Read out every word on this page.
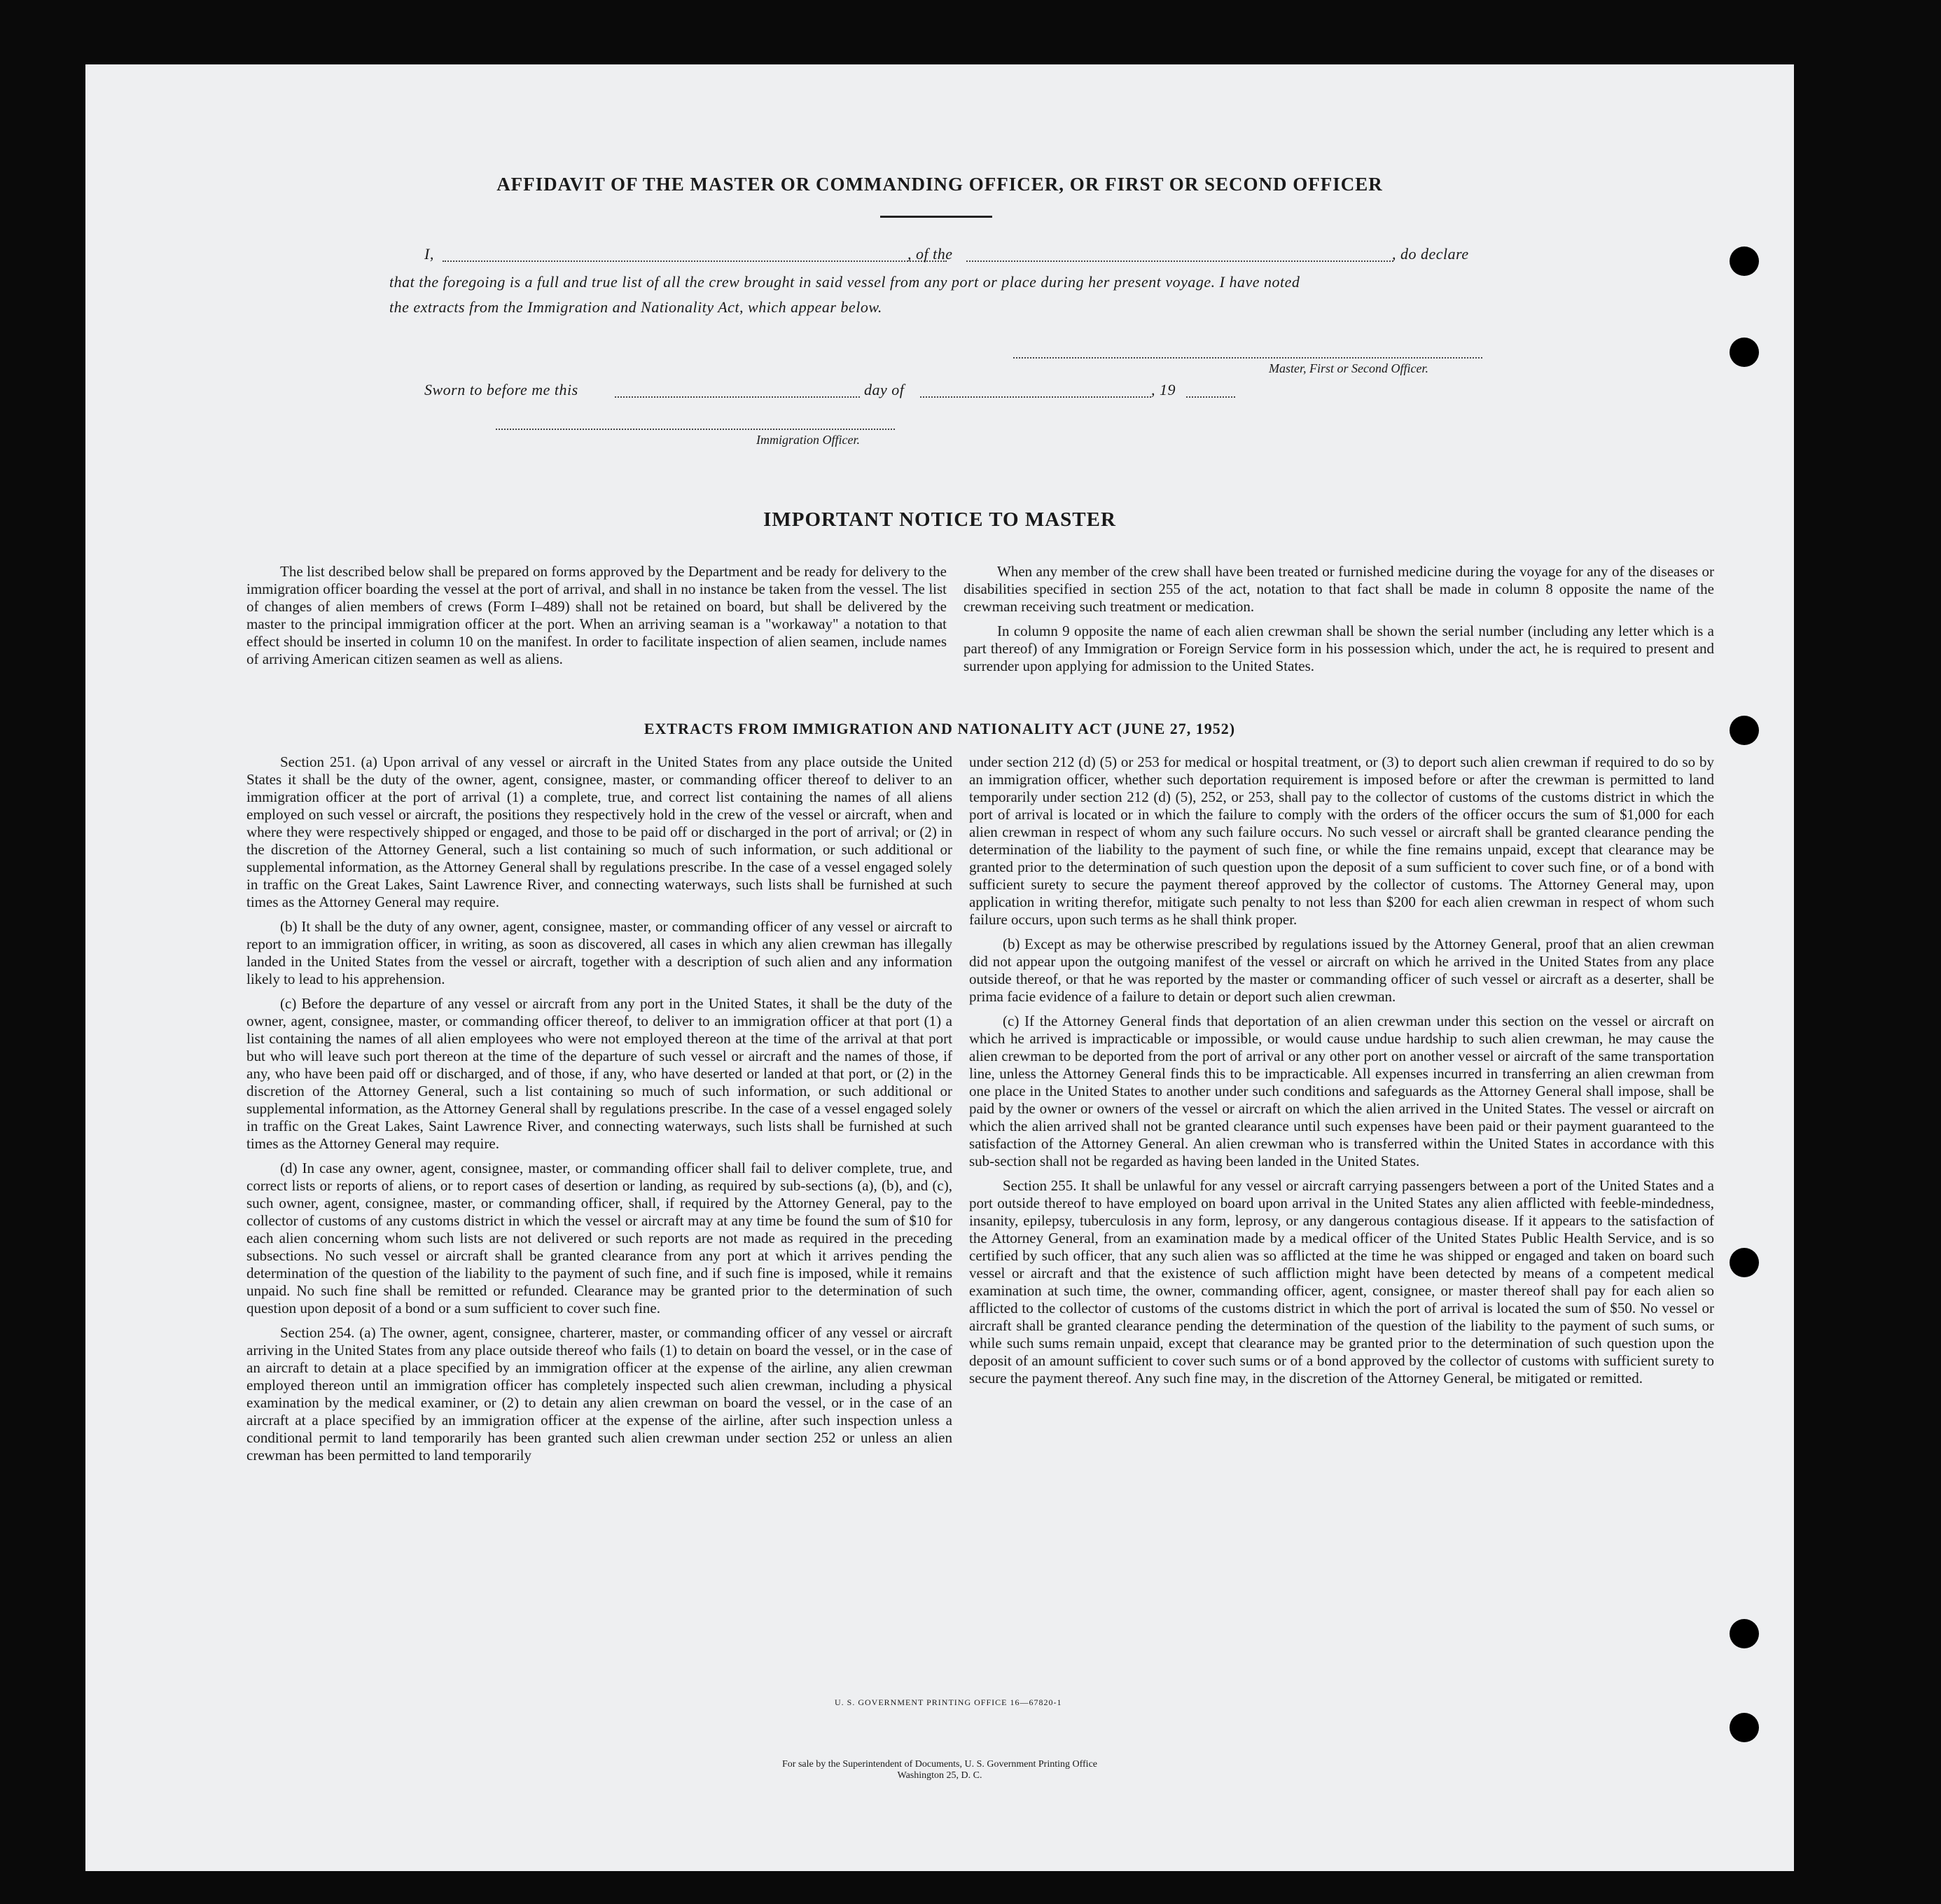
AFFIDAVIT OF THE MASTER OR COMMANDING OFFICER, OR FIRST OR SECOND OFFICER
I,	, of the	, do declare
that the foregoing is a full and true list of all the crew brought in said vessel from any port or place during her present voyage. I have noted
the extracts from the Immigration and Nationality Act, which appear below.
Master, First or Second Officer.
Sworn to before me this	day of	, 19
Immigration Officer.
IMPORTANT NOTICE TO MASTER

The list described below shall be prepared on forms approved by the Department and be ready for delivery to the immigration officer boarding the vessel at the port of arrival, and shall in no instance be taken from the vessel. The list of changes of alien members of crews (Form I–489) shall not be retained on board, but shall be delivered by the master to the principal immigration officer at the port. When an arriving seaman is a "workaway" a notation to that effect should be inserted in column 10 on the manifest. In order to facilitate inspection of alien seamen, include names of arriving American citizen seamen as well as aliens.

When any member of the crew shall have been treated or furnished medicine during the voyage for any of the diseases or disabilities specified in section 255 of the act, notation to that fact shall be made in column 8 opposite the name of the crewman receiving such treatment or medication.

In column 9 opposite the name of each alien crewman shall be shown the serial number (including any letter which is a part thereof) of any Immigration or Foreign Service form in his possession which, under the act, he is required to present and surrender upon applying for admission to the United States.

EXTRACTS FROM IMMIGRATION AND NATIONALITY ACT (JUNE 27, 1952)

Section 251. (a) Upon arrival of any vessel or aircraft in the United States from any place outside the United States it shall be the duty of the owner, agent, consignee, master, or commanding officer thereof to deliver to an immigration officer at the port of arrival (1) a complete, true, and correct list containing the names of all aliens employed on such vessel or aircraft, the positions they respectively hold in the crew of the vessel or aircraft, when and where they were respectively shipped or engaged, and those to be paid off or discharged in the port of arrival; or (2) in the discretion of the Attorney General, such a list containing so much of such information, or such additional or supplemental information, as the Attorney General shall by regulations prescribe. In the case of a vessel engaged solely in traffic on the Great Lakes, Saint Lawrence River, and connecting waterways, such lists shall be furnished at such times as the Attorney General may require.

(b) It shall be the duty of any owner, agent, consignee, master, or commanding officer of any vessel or aircraft to report to an immigration officer, in writing, as soon as discovered, all cases in which any alien crewman has illegally landed in the United States from the vessel or aircraft, together with a description of such alien and any information likely to lead to his apprehension.

(c) Before the departure of any vessel or aircraft from any port in the United States, it shall be the duty of the owner, agent, consignee, master, or commanding officer thereof, to deliver to an immigration officer at that port (1) a list containing the names of all alien employees who were not employed thereon at the time of the arrival at that port but who will leave such port thereon at the time of the departure of such vessel or aircraft and the names of those, if any, who have been paid off or discharged, and of those, if any, who have deserted or landed at that port, or (2) in the discretion of the Attorney General, such a list containing so much of such information, or such additional or supplemental information, as the Attorney General shall by regulations prescribe. In the case of a vessel engaged solely in traffic on the Great Lakes, Saint Lawrence River, and connecting waterways, such lists shall be furnished at such times as the Attorney General may require.

(d) In case any owner, agent, consignee, master, or commanding officer shall fail to deliver complete, true, and correct lists or reports of aliens, or to report cases of desertion or landing, as required by sub-sections (a), (b), and (c), such owner, agent, consignee, master, or commanding officer, shall, if required by the Attorney General, pay to the collector of customs of any customs district in which the vessel or aircraft may at any time be found the sum of $10 for each alien concerning whom such lists are not delivered or such reports are not made as required in the preceding subsections. No such vessel or aircraft shall be granted clearance from any port at which it arrives pending the determination of the question of the liability to the payment of such fine, and if such fine is imposed, while it remains unpaid. No such fine shall be remitted or refunded. Clearance may be granted prior to the determination of such question upon deposit of a bond or a sum sufficient to cover such fine.

Section 254. (a) The owner, agent, consignee, charterer, master, or commanding officer of any vessel or aircraft arriving in the United States from any place outside thereof who fails (1) to detain on board the vessel, or in the case of an aircraft to detain at a place specified by an immigration officer at the expense of the airline, any alien crewman employed thereon until an immigration officer has completely inspected such alien crewman, including a physical examination by the medical examiner, or (2) to detain any alien crewman on board the vessel, or in the case of an aircraft at a place specified by an immigration officer at the expense of the airline, after such inspection unless a conditional permit to land temporarily has been granted such alien crewman under section 252 or unless an alien crewman has been permitted to land temporarily

under section 212 (d) (5) or 253 for medical or hospital treatment, or (3) to deport such alien crewman if required to do so by an immigration officer, whether such deportation requirement is imposed before or after the crewman is permitted to land temporarily under section 212 (d) (5), 252, or 253, shall pay to the collector of customs of the customs district in which the port of arrival is located or in which the failure to comply with the orders of the officer occurs the sum of $1,000 for each alien crewman in respect of whom any such failure occurs. No such vessel or aircraft shall be granted clearance pending the determination of the liability to the payment of such fine, or while the fine remains unpaid, except that clearance may be granted prior to the determination of such question upon the deposit of a sum sufficient to cover such fine, or of a bond with sufficient surety to secure the payment thereof approved by the collector of customs. The Attorney General may, upon application in writing therefor, mitigate such penalty to not less than $200 for each alien crewman in respect of whom such failure occurs, upon such terms as he shall think proper.

(b) Except as may be otherwise prescribed by regulations issued by the Attorney General, proof that an alien crewman did not appear upon the outgoing manifest of the vessel or aircraft on which he arrived in the United States from any place outside thereof, or that he was reported by the master or commanding officer of such vessel or aircraft as a deserter, shall be prima facie evidence of a failure to detain or deport such alien crewman.

(c) If the Attorney General finds that deportation of an alien crewman under this section on the vessel or aircraft on which he arrived is impracticable or impossible, or would cause undue hardship to such alien crewman, he may cause the alien crewman to be deported from the port of arrival or any other port on another vessel or aircraft of the same transportation line, unless the Attorney General finds this to be impracticable. All expenses incurred in transferring an alien crewman from one place in the United States to another under such conditions and safeguards as the Attorney General shall impose, shall be paid by the owner or owners of the vessel or aircraft on which the alien arrived in the United States. The vessel or aircraft on which the alien arrived shall not be granted clearance until such expenses have been paid or their payment guaranteed to the satisfaction of the Attorney General. An alien crewman who is transferred within the United States in accordance with this sub-section shall not be regarded as having been landed in the United States.

Section 255. It shall be unlawful for any vessel or aircraft carrying passengers between a port of the United States and a port outside thereof to have employed on board upon arrival in the United States any alien afflicted with feeble-mindedness, insanity, epilepsy, tuberculosis in any form, leprosy, or any dangerous contagious disease. If it appears to the satisfaction of the Attorney General, from an examination made by a medical officer of the United States Public Health Service, and is so certified by such officer, that any such alien was so afflicted at the time he was shipped or engaged and taken on board such vessel or aircraft and that the existence of such affliction might have been detected by means of a competent medical examination at such time, the owner, commanding officer, agent, consignee, or master thereof shall pay for each alien so afflicted to the collector of customs of the customs district in which the port of arrival is located the sum of $50. No vessel or aircraft shall be granted clearance pending the determination of the question of the liability to the payment of such sums, or while such sums remain unpaid, except that clearance may be granted prior to the determination of such question upon the deposit of an amount sufficient to cover such sums or of a bond approved by the collector of customs with sufficient surety to secure the payment thereof. Any such fine may, in the discretion of the Attorney General, be mitigated or remitted.

U. S. GOVERNMENT PRINTING OFFICE 16—67820-1
For sale by the Superintendent of Documents, U. S. Government Printing Office
Washington 25, D. C.
